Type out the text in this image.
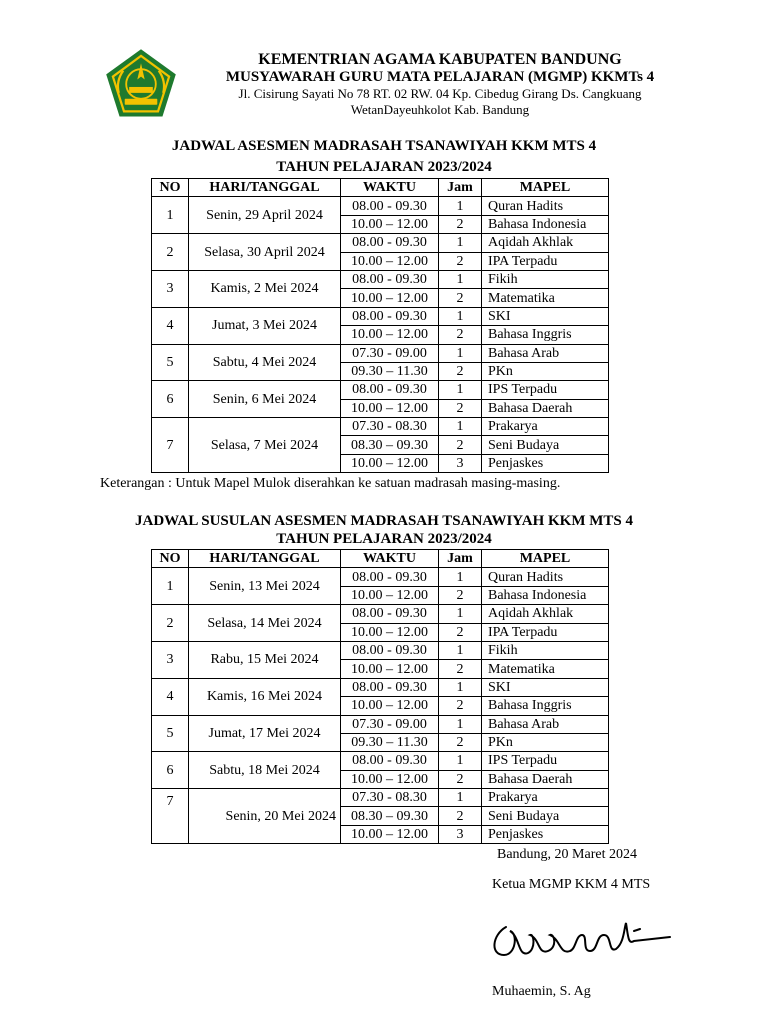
KEMENTRIAN AGAMA KABUPATEN BANDUNG
MUSYAWARAH GURU MATA PELAJARAN (MGMP) KKMTs 4
Jl. Cisirung Sayati No 78 RT. 02 RW. 04 Kp. Cibedug Girang Ds. Cangkuang
WetanDayeuhkolot Kab. Bandung
JADWAL ASESMEN MADRASAH TSANAWIYAH KKM MTS 4
TAHUN PELAJARAN 2023/2024
NO	HARI/TANGGAL	WAKTU	Jam	MAPEL
1	Senin, 29 April 2024	08.00 - 09.30	1	Quran Hadits
		10.00 – 12.00	2	Bahasa Indonesia
2	Selasa, 30 April 2024	08.00 - 09.30	1	Aqidah Akhlak
		10.00 – 12.00	2	IPA Terpadu
3	Kamis, 2 Mei 2024	08.00 - 09.30	1	Fikih
		10.00 – 12.00	2	Matematika
4	Jumat, 3 Mei 2024	08.00 - 09.30	1	SKI
		10.00 – 12.00	2	Bahasa Inggris
5	Sabtu, 4 Mei 2024	07.30 - 09.00	1	Bahasa Arab
		09.30 – 11.30	2	PKn
6	Senin, 6 Mei 2024	08.00 - 09.30	1	IPS Terpadu
		10.00 – 12.00	2	Bahasa Daerah
7	Selasa, 7 Mei 2024	07.30 - 08.30	1	Prakarya
		08.30 – 09.30	2	Seni Budaya
		10.00 – 12.00	3	Penjaskes
Keterangan : Untuk Mapel Mulok diserahkan ke satuan madrasah masing-masing.
JADWAL SUSULAN ASESMEN MADRASAH TSANAWIYAH KKM MTS 4
TAHUN PELAJARAN 2023/2024
NO	HARI/TANGGAL	WAKTU	Jam	MAPEL
1	Senin, 13 Mei 2024	08.00 - 09.30	1	Quran Hadits
		10.00 – 12.00	2	Bahasa Indonesia
2	Selasa, 14 Mei 2024	08.00 - 09.30	1	Aqidah Akhlak
		10.00 – 12.00	2	IPA Terpadu
3	Rabu, 15 Mei 2024	08.00 - 09.30	1	Fikih
		10.00 – 12.00	2	Matematika
4	Kamis, 16 Mei 2024	08.00 - 09.30	1	SKI
		10.00 – 12.00	2	Bahasa Inggris
5	Jumat, 17 Mei 2024	07.30 - 09.00	1	Bahasa Arab
		09.30 – 11.30	2	PKn
6	Sabtu, 18 Mei 2024	08.00 - 09.30	1	IPS Terpadu
		10.00 – 12.00	2	Bahasa Daerah
7	Senin, 20 Mei 2024	07.30 - 08.30	1	Prakarya
		08.30 – 09.30	2	Seni Budaya
		10.00 – 12.00	3	Penjaskes
Bandung, 20 Maret 2024
Ketua MGMP KKM 4 MTS
Muhaemin, S. Ag
